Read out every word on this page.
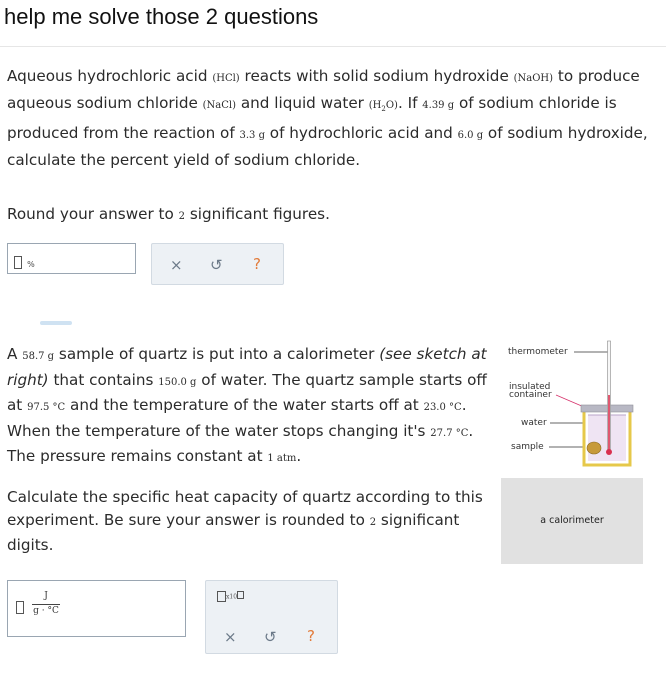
help me solve those 2 questions
Aqueous hydrochloric acid (HCl) reacts with solid sodium hydroxide (NaOH) to produce aqueous sodium chloride (NaCl) and liquid water $(H_2O)$. If 4.39 g of sodium chloride is produced from the reaction of 3.3 g of hydrochloric acid and 6.0 g of sodium hydroxide, calculate the percent yield of sodium chloride.
Round your answer to 2 significant figures.
%	× ↺ ?
A 58.7 g sample of quartz is put into a calorimeter (see sketch at right) that contains 150.0 g of water. The quartz sample starts off at 97.5 °C and the temperature of the water starts off at 23.0 °C. When the temperature of the water stops changing it's 27.7 °C. The pressure remains constant at 1 atm.
Calculate the specific heat capacity of quartz according to this experiment. Be sure your answer is rounded to 2 significant digits.
thermometer
insulated
container
water
sample
a calorimeter
J
g · °C
x10
× ↺ ?
